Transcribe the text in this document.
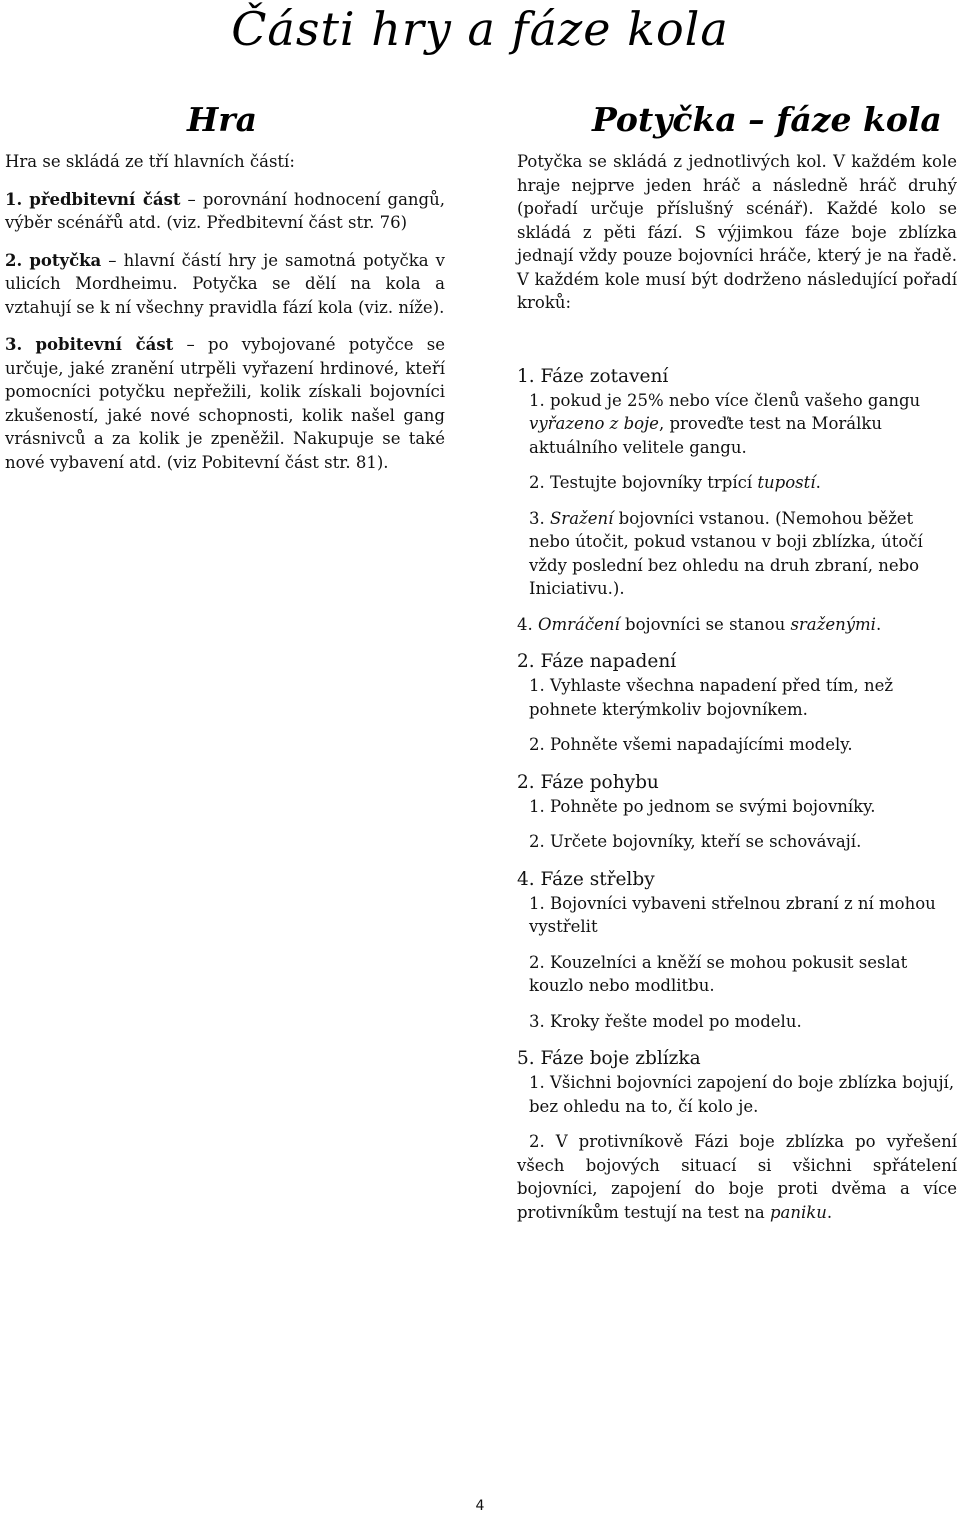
Části hry a fáze kola
Hra

Hra se skládá ze tří hlavních částí:

1. předbitevní část – porovnání hodnocení gangů, výběr scénářů atd. (viz. Předbitevní část str. 76)

2. potyčka – hlavní částí hry je samotná potyčka v ulicích Mordheimu. Potyčka se dělí na kola a vztahují se k ní všechny pravidla fází kola (viz. níže).

3. pobitevní část – po vybojované potyčce se určuje, jaké zranění utrpěli vyřazení hrdinové, kteří pomocníci potyčku nepřežili, kolik získali bojovníci zkušeností, jaké nové schopnosti, kolik našel gang vrásnivců a za kolik je zpeněžil. Nakupuje se také nové vybavení atd. (viz Pobitevní část str. 81).

Potyčka – fáze kola

Potyčka se skládá z jednotlivých kol. V každém kole hraje nejprve jeden hráč a následně hráč druhý (pořadí určuje příslušný scénář). Každé kolo se skládá z pěti fází. S výjimkou fáze boje zblízka jednají vždy pouze bojovníci hráče, který je na řadě. V každém kole musí být dodrženo následující pořadí kroků:

1. Fáze zotavení

1. pokud je 25% nebo více členů vašeho gangu vyřazeno z boje, proveďte test na Morálku aktuálního velitele gangu.

2. Testujte bojovníky trpící tupostí.

3. Sražení bojovníci vstanou. (Nemohou běžet nebo útočit, pokud vstanou v boji zblízka, útočí vždy poslední bez ohledu na druh zbraní, nebo Iniciativu.).

4. Omráčení bojovníci se stanou sraženými.

2. Fáze napadení

1. Vyhlaste všechna napadení před tím, než pohnete kterýmkoliv bojovníkem.

2. Pohněte všemi napadajícími modely.

2. Fáze pohybu

1. Pohněte po jednom se svými bojovníky.

2. Určete bojovníky, kteří se schovávají.

4. Fáze střelby

1. Bojovníci vybaveni střelnou zbraní z ní mohou vystřelit

2. Kouzelníci a kněží se mohou pokusit seslat kouzlo nebo modlitbu.

3. Kroky řešte model po modelu.

5. Fáze boje zblízka

1. Všichni bojovníci zapojení do boje zblízka bojují, bez ohledu na to, čí kolo je.

2. V protivníkově Fázi boje zblízka po vyřešení všech bojových situací si všichni spřátelení bojovníci, zapojení do boje proti dvěma a více protivníkům testují na test na paniku.

4
